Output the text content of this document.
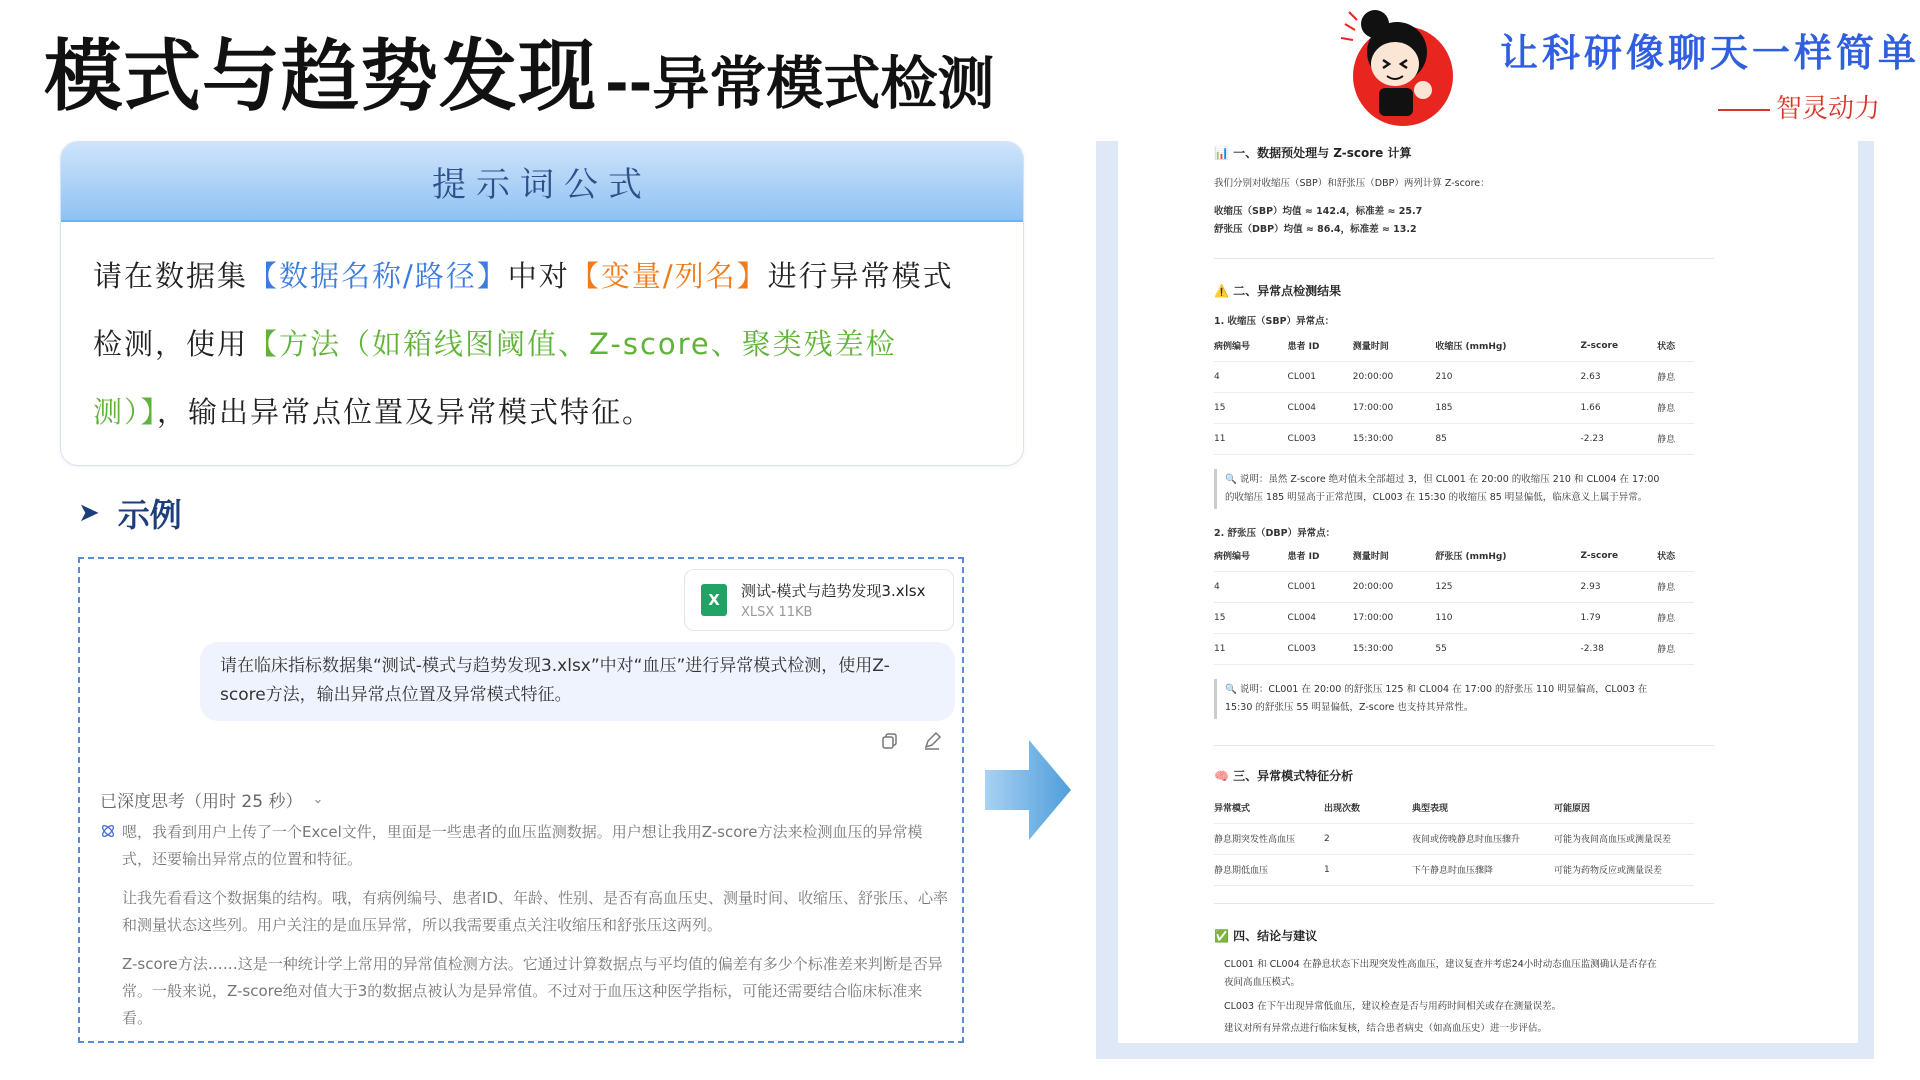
模式与趋势发现 --异常模式检测	让科研像聊天一样简单
智灵动力
提示词公式
请在数据集【数据名称/路径】中对【变量/列名】进行异常模式
检测，使用【方法（如箱线图阈值、Z-score、聚类残差检
测）】，输出异常点位置及异常模式特征。
➤ 示例
X	测试-模式与趋势发现3.xlsx
XLSX 11KB
请在临床指标数据集“测试-模式与趋势发现3.xlsx”中对“血压”进行异常模式检测，使用Z-score方法，输出异常点位置及异常模式特征。
已深度思考（用时 25 秒） ⌄

嗯，我看到用户上传了一个Excel文件，里面是一些患者的血压监测数据。用户想让我用Z-score方法来检测血压的异常模式，还要输出异常点的位置和特征。

让我先看看这个数据集的结构。哦，有病例编号、患者ID、年龄、性别、是否有高血压史、测量时间、收缩压、舒张压、心率和测量状态这些列。用户关注的是血压异常，所以我需要重点关注收缩压和舒张压这两列。

Z-score方法……这是一种统计学上常用的异常值检测方法。它通过计算数据点与平均值的偏差有多少个标准差来判断是否异常。一般来说，Z-score绝对值大于3的数据点被认为是异常值。不过对于血压这种医学指标，可能还需要结合临床标准来看。

📊 一、数据预处理与 Z-score 计算
我们分别对收缩压（SBP）和舒张压（DBP）两列计算 Z-score：
收缩压（SBP）均值 ≈ 142.4，标准差 ≈ 25.7
舒张压（DBP）均值 ≈ 86.4，标准差 ≈ 13.2
⚠️ 二、异常点检测结果
1. 收缩压（SBP）异常点：
病例编号	患者 ID	测量时间	收缩压 (mmHg)	Z-score	状态
4	CL001	20:00:00	210	2.63	静息
15	CL004	17:00:00	185	1.66	静息
11	CL003	15:30:00	85	-2.23	静息
🔍 说明：虽然 Z-score 绝对值未全部超过 3，但 CL001 在 20:00 的收缩压 210 和 CL004 在 17:00
的收缩压 185 明显高于正常范围，CL003 在 15:30 的收缩压 85 明显偏低，临床意义上属于异常。
2. 舒张压（DBP）异常点：
病例编号	患者 ID	测量时间	舒张压 (mmHg)	Z-score	状态
4	CL001	20:00:00	125	2.93	静息
15	CL004	17:00:00	110	1.79	静息
11	CL003	15:30:00	55	-2.38	静息
🔍 说明：CL001 在 20:00 的舒张压 125 和 CL004 在 17:00 的舒张压 110 明显偏高，CL003 在
15:30 的舒张压 55 明显偏低，Z-score 也支持其异常性。
🧠 三、异常模式特征分析
异常模式	出现次数	典型表现	可能原因
静息期突发性高血压	2	夜间或傍晚静息时血压骤升	可能为夜间高血压或测量误差
静息期低血压	1	下午静息时血压骤降	可能为药物反应或测量误差
✅ 四、结论与建议
CL001 和 CL004 在静息状态下出现突发性高血压，建议复查并考虑24小时动态血压监测确认是否存在
夜间高血压模式。
CL003 在下午出现异常低血压，建议检查是否与用药时间相关或存在测量误差。
建议对所有异常点进行临床复核，结合患者病史（如高血压史）进一步评估。
